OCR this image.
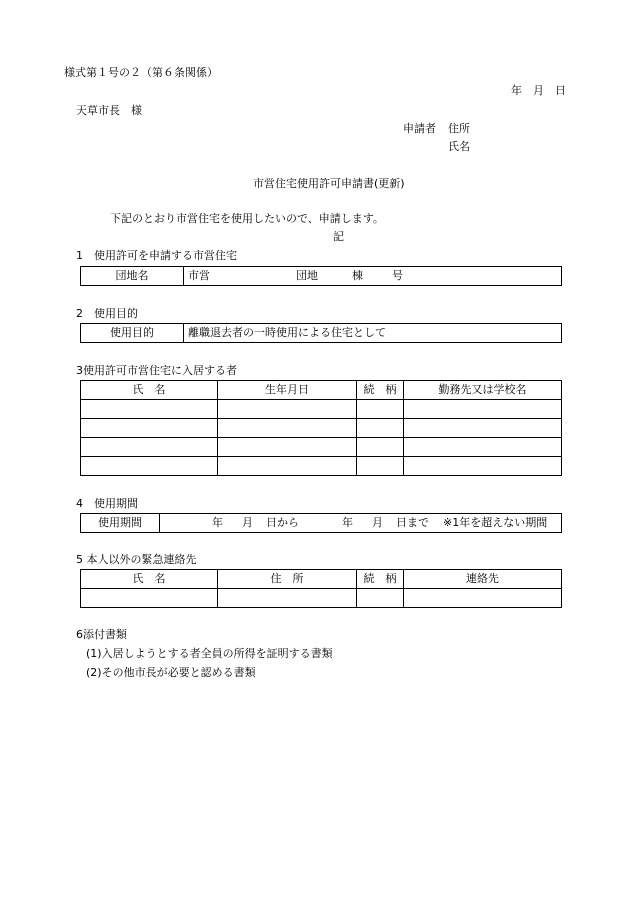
様式第１号の２（第６条関係）
年　月　日
天草市長　様
申請者 住所
氏名
市営住宅使用許可申請書(更新)
下記のとおり市営住宅を使用したいので、申請します。
記
1　使用許可を申請する市営住宅
団地名	市営	団地	棟	号
2　使用目的
使用目的	離職退去者の一時使用による住宅として
3使用許可市営住宅に入居する者
氏　名	生年月日	続　柄	勤務先又は学校名

4　使用期間
使用期間	年 月 日から	年 月 日まで ※1年を超えない期間
5 本人以外の緊急連絡先
氏　名	住　所	続　柄	連絡先

6添付書類
(1)入居しようとする者全員の所得を証明する書類
(2)その他市長が必要と認める書類
